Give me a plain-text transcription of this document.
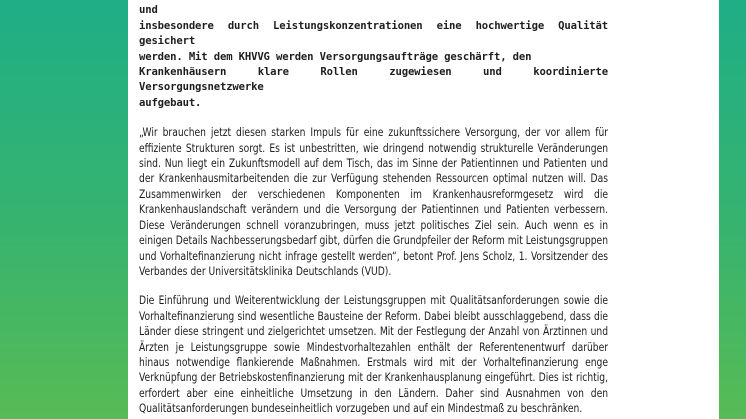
und
insbesondere durch Leistungskonzentrationen eine hochwertige Qualität gesichert
werden. Mit dem KHVVG werden Versorgungsaufträge geschärft, den
Krankenhäusern klare Rollen zugewiesen und koordinierte Versorgungsnetzwerke
aufgebaut.

„Wir brauchen jetzt diesen starken Impuls für eine zukunftssichere Versorgung, der vor allem für effiziente Strukturen sorgt. Es ist unbestritten, wie dringend notwendig strukturelle Veränderungen sind. Nun liegt ein Zukunftsmodell auf dem Tisch, das im Sinne der Patientinnen und Patienten und der Krankenhausmitarbeitenden die zur Verfügung stehenden Ressourcen optimal nutzen will. Das Zusammenwirken der verschiedenen Komponenten im Krankenhausreformgesetz wird die Krankenhauslandschaft verändern und die Versorgung der Patientinnen und Patienten verbessern. Diese Veränderungen schnell voranzubringen, muss jetzt politisches Ziel sein. Auch wenn es in einigen Details Nachbesserungsbedarf gibt, dürfen die Grundpfeiler der Reform mit Leistungsgruppen und Vorhaltefinanzierung nicht infrage gestellt werden“, betont Prof. Jens Scholz, 1. Vorsitzender des Verbandes der Universitätsklinika Deutschlands (VUD).

Die Einführung und Weiterentwicklung der Leistungsgruppen mit Qualitätsanforderungen sowie die Vorhaltefinanzierung sind wesentliche Bausteine der Reform. Dabei bleibt ausschlaggebend, dass die Länder diese stringent und zielgerichtet umsetzen. Mit der Festlegung der Anzahl von Ärztinnen und Ärzten je Leistungsgruppe sowie Mindestvorhaltezahlen enthält der Referentenentwurf darüber hinaus notwendige flankierende Maßnahmen. Erstmals wird mit der Vorhaltefinanzierung enge Verknüpfung der Betriebskostenfinanzierung mit der Krankenhausplanung eingeführt. Dies ist richtig, erfordert aber eine einheitliche Umsetzung in den Ländern. Daher sind Ausnahmen von den Qualitätsanforderungen bundeseinheitlich vorzugeben und auf ein Mindestmaß zu beschränken.
